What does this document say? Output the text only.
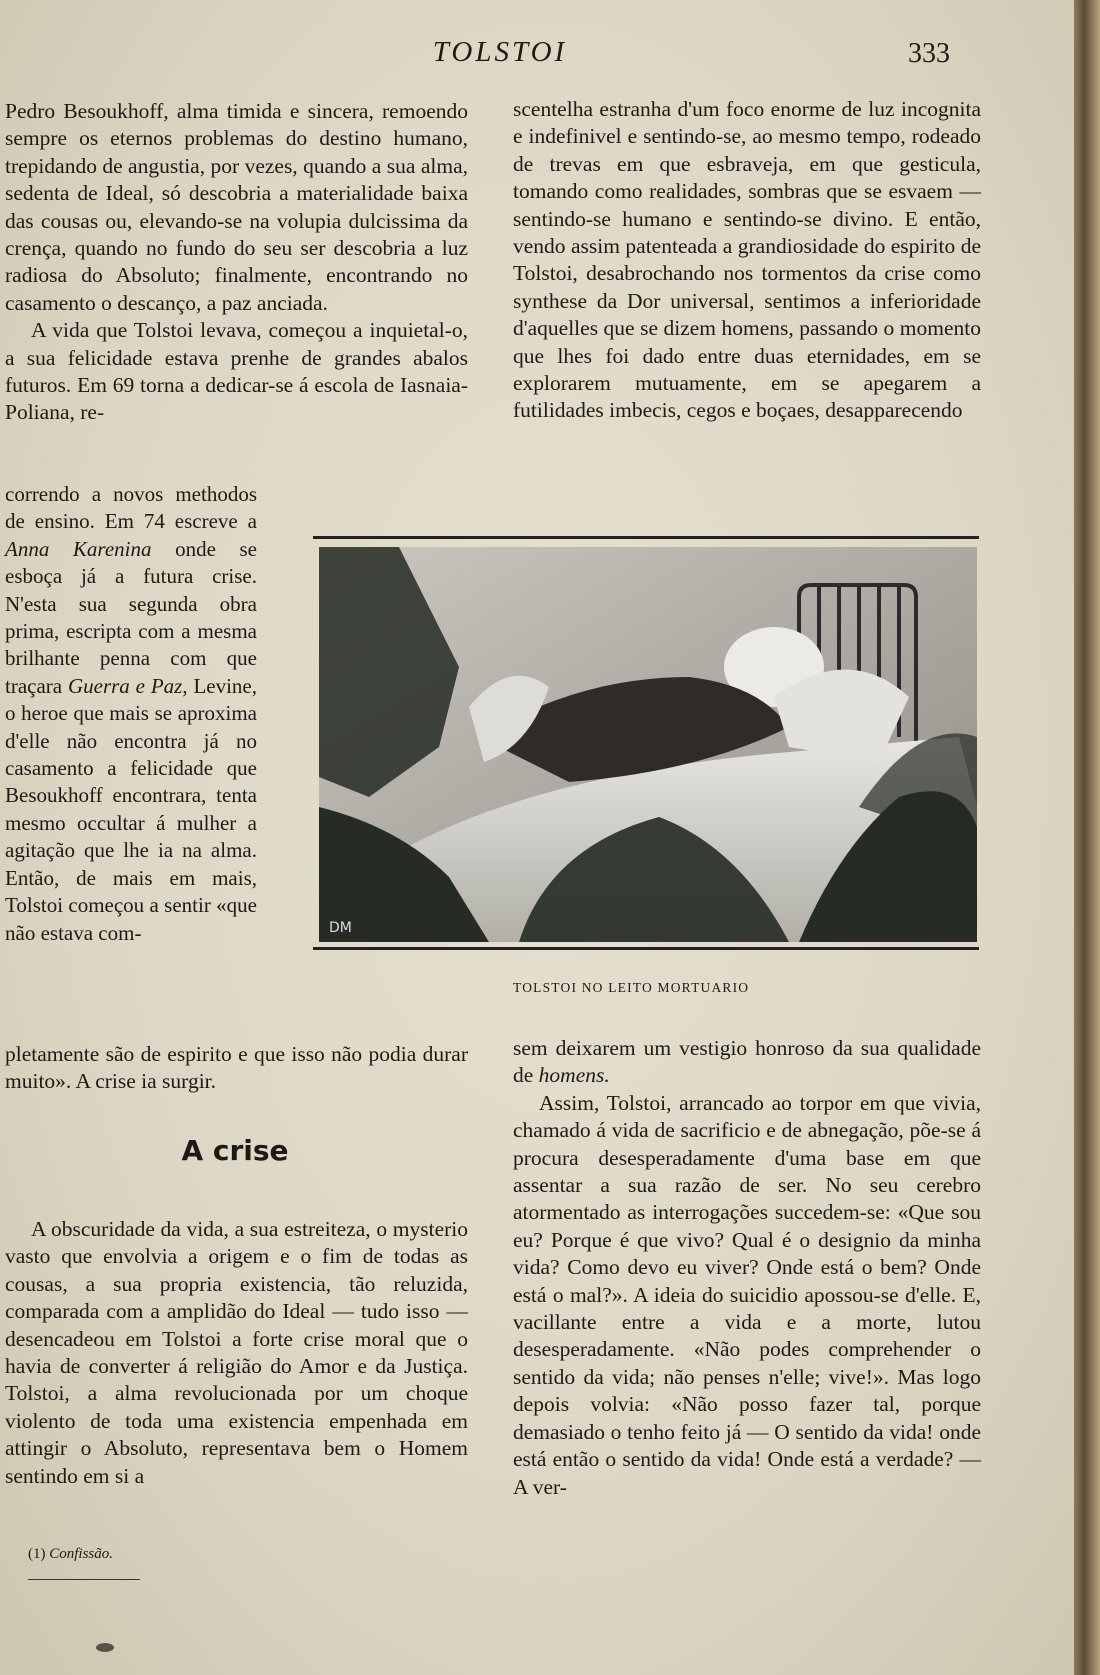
TOLSTOI	333

Pedro Besoukhoff, alma timida e sincera, remoendo sempre os eternos problemas do destino humano, trepidando de angustia, por vezes, quando a sua alma, sedenta de Ideal, só descobria a materialidade baixa das cousas ou, elevando-se na volupia dulcissima da crença, quando no fundo do seu ser descobria a luz radiosa do Absoluto; finalmente, encontrando no casamento o descanço, a paz anciada.

A vida que Tolstoi levava, começou a inquietal-o, a sua felicidade estava prenhe de grandes abalos futuros. Em 69 torna a dedicar-se á escola de Iasnaia-Poliana, re-

correndo a novos methodos de ensino. Em 74 escreve a Anna Karenina onde se esboça já a futura crise. N'esta sua segunda obra prima, escripta com a mesma brilhante penna com que traçara Guerra e Paz, Levine, o heroe que mais se aproxima d'elle não encontra já no casamento a felicidade que Besoukhoff encontrara, tenta mesmo occultar á mulher a agitação que lhe ia na alma. Então, de mais em mais, Tolstoi começou a sentir «que não estava com-

pletamente são de espirito e que isso não podia durar muito». A crise ia surgir.

A crise

A obscuridade da vida, a sua estreiteza, o mysterio vasto que envolvia a origem e o fim de todas as cousas, a sua propria existencia, tão reluzida, comparada com a amplidão do Ideal — tudo isso — desencadeou em Tolstoi a forte crise moral que o havia de converter á religião do Amor e da Justiça. Tolstoi, a alma revolucionada por um choque violento de toda uma existencia empenhada em attingir o Absoluto, representava bem o Homem sentindo em si a

(1) Confissão.

scentelha estranha d'um foco enorme de luz incognita e indefinivel e sentindo-se, ao mesmo tempo, rodeado de trevas em que esbraveja, em que gesticula, tomando como realidades, sombras que se esvaem — sentindo-se humano e sentindo-se divino. E então, vendo assim patenteada a grandiosidade do espirito de Tolstoi, desabrochando nos tormentos da crise como synthese da Dor universal, sentimos a inferioridade d'aquelles que se dizem homens, passando o momento que lhes foi dado entre duas eternidades, em se explorarem mutuamente, em se apegarem a futilidades imbecis, cegos e boçaes, desapparecendo

DM
TOLSTOI NO LEITO MORTUARIO

sem deixarem um vestigio honroso da sua qualidade de homens.

Assim, Tolstoi, arrancado ao torpor em que vivia, chamado á vida de sacrificio e de abnegação, põe-se á procura desesperadamente d'uma base em que assentar a sua razão de ser. No seu cerebro atormentado as interrogações succedem-se: «Que sou eu? Porque é que vivo? Qual é o designio da minha vida? Como devo eu viver? Onde está o bem? Onde está o mal?». A ideia do suicidio apossou-se d'elle. E, vacillante entre a vida e a morte, lutou desesperadamente. «Não podes comprehender o sentido da vida; não penses n'elle; vive!». Mas logo depois volvia: «Não posso fazer tal, porque demasiado o tenho feito já — O sentido da vida! onde está então o sentido da vida! Onde está a verdade? — A ver-
